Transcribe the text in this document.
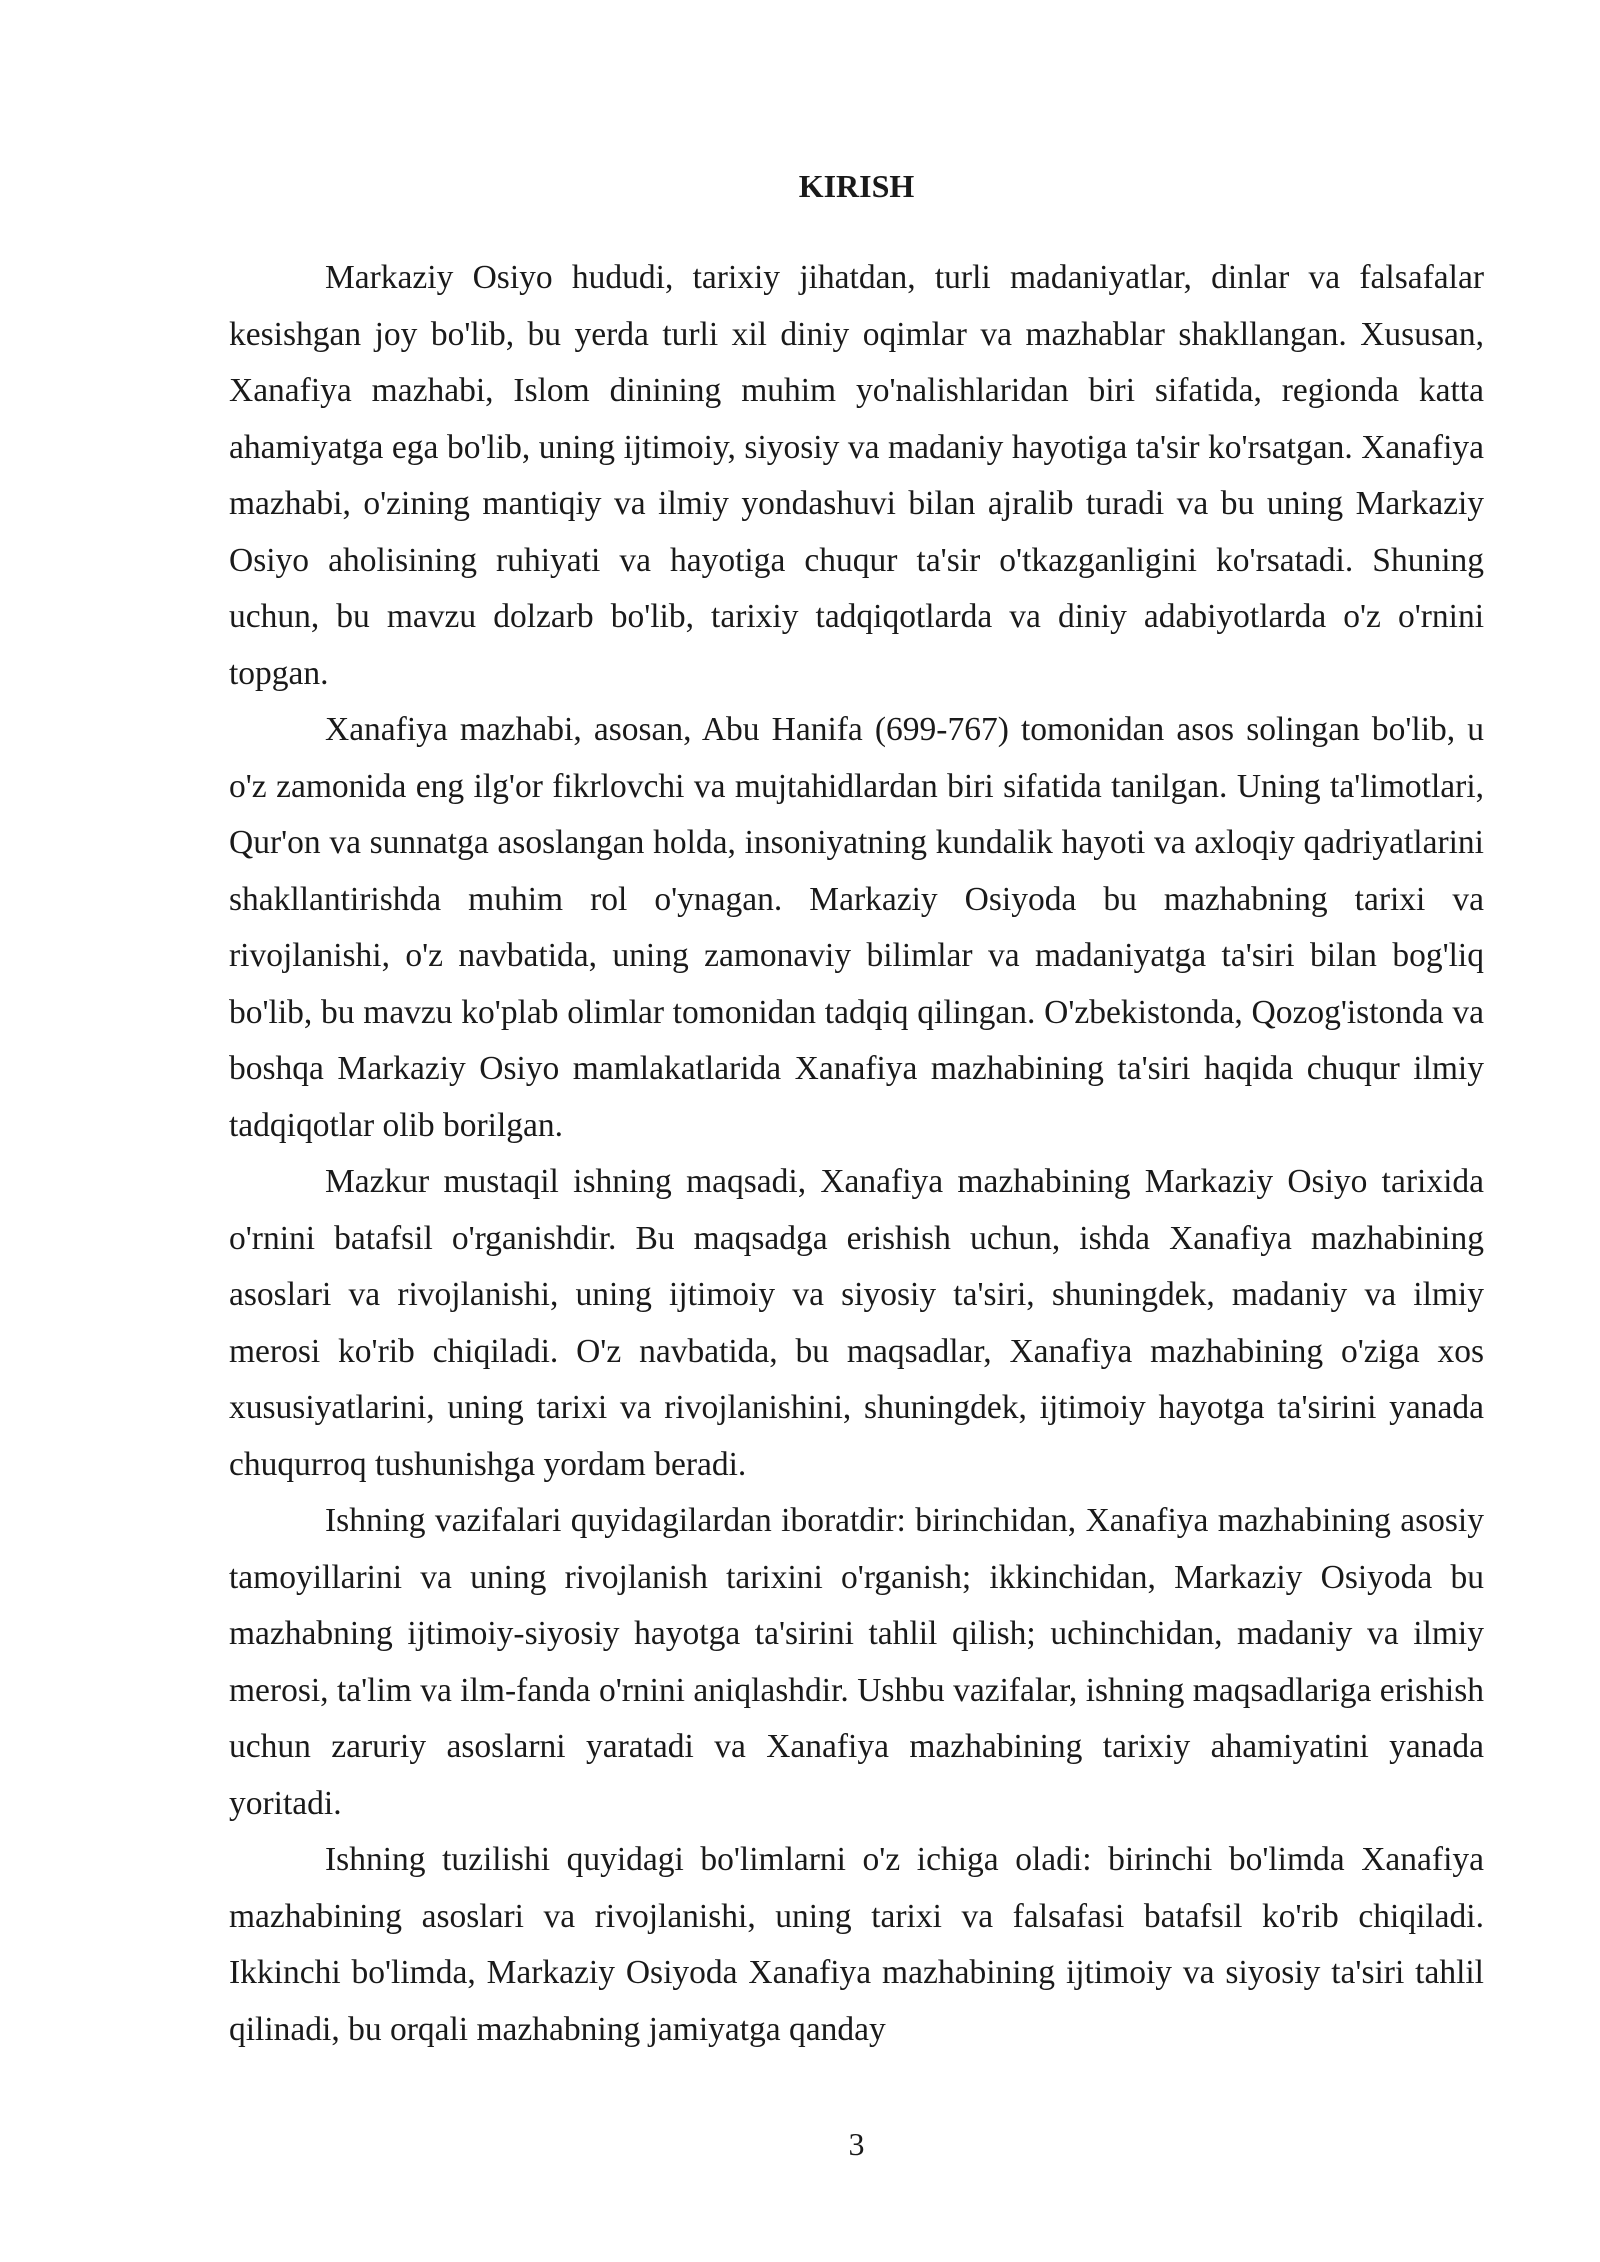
KIRISH

Markaziy Osiyo hududi, tarixiy jihatdan, turli madaniyatlar, dinlar va falsafalar kesishgan joy bo'lib, bu yerda turli xil diniy oqimlar va mazhablar shakllangan. Xususan, Xanafiya mazhabi, Islom dinining muhim yo'nalishlaridan biri sifatida, regionda katta ahamiyatga ega bo'lib, uning ijtimoiy, siyosiy va madaniy hayotiga ta'sir ko'rsatgan. Xanafiya mazhabi, o'zining mantiqiy va ilmiy yondashuvi bilan ajralib turadi va bu uning Markaziy Osiyo aholisining ruhiyati va hayotiga chuqur ta'sir o'tkazganligini ko'rsatadi. Shuning uchun, bu mavzu dolzarb bo'lib, tarixiy tadqiqotlarda va diniy adabiyotlarda o'z o'rnini topgan.

Xanafiya mazhabi, asosan, Abu Hanifa (699-767) tomonidan asos solingan bo'lib, u o'z zamonida eng ilg'or fikrlovchi va mujtahidlardan biri sifatida tanilgan. Uning ta'limotlari, Qur'on va sunnatga asoslangan holda, insoniyatning kundalik hayoti va axloqiy qadriyatlarini shakllantirishda muhim rol o'ynagan. Markaziy Osiyoda bu mazhabning tarixi va rivojlanishi, o'z navbatida, uning zamonaviy bilimlar va madaniyatga ta'siri bilan bog'liq bo'lib, bu mavzu ko'plab olimlar tomonidan tadqiq qilingan. O'zbekistonda, Qozog'istonda va boshqa Markaziy Osiyo mamlakatlarida Xanafiya mazhabining ta'siri haqida chuqur ilmiy tadqiqotlar olib borilgan.

Mazkur mustaqil ishning maqsadi, Xanafiya mazhabining Markaziy Osiyo tarixida o'rnini batafsil o'rganishdir. Bu maqsadga erishish uchun, ishda Xanafiya mazhabining asoslari va rivojlanishi, uning ijtimoiy va siyosiy ta'siri, shuningdek, madaniy va ilmiy merosi ko'rib chiqiladi. O'z navbatida, bu maqsadlar, Xanafiya mazhabining o'ziga xos xususiyatlarini, uning tarixi va rivojlanishini, shuningdek, ijtimoiy hayotga ta'sirini yanada chuqurroq tushunishga yordam beradi.

Ishning vazifalari quyidagilardan iboratdir: birinchidan, Xanafiya mazhabining asosiy tamoyillarini va uning rivojlanish tarixini o'rganish; ikkinchidan, Markaziy Osiyoda bu mazhabning ijtimoiy-siyosiy hayotga ta'sirini tahlil qilish; uchinchidan, madaniy va ilmiy merosi, ta'lim va ilm-fanda o'rnini aniqlashdir. Ushbu vazifalar, ishning maqsadlariga erishish uchun zaruriy asoslarni yaratadi va Xanafiya mazhabining tarixiy ahamiyatini yanada yoritadi.

Ishning tuzilishi quyidagi bo'limlarni o'z ichiga oladi: birinchi bo'limda Xanafiya mazhabining asoslari va rivojlanishi, uning tarixi va falsafasi batafsil ko'rib chiqiladi. Ikkinchi bo'limda, Markaziy Osiyoda Xanafiya mazhabining ijtimoiy va siyosiy ta'siri tahlil qilinadi, bu orqali mazhabning jamiyatga qanday

3
